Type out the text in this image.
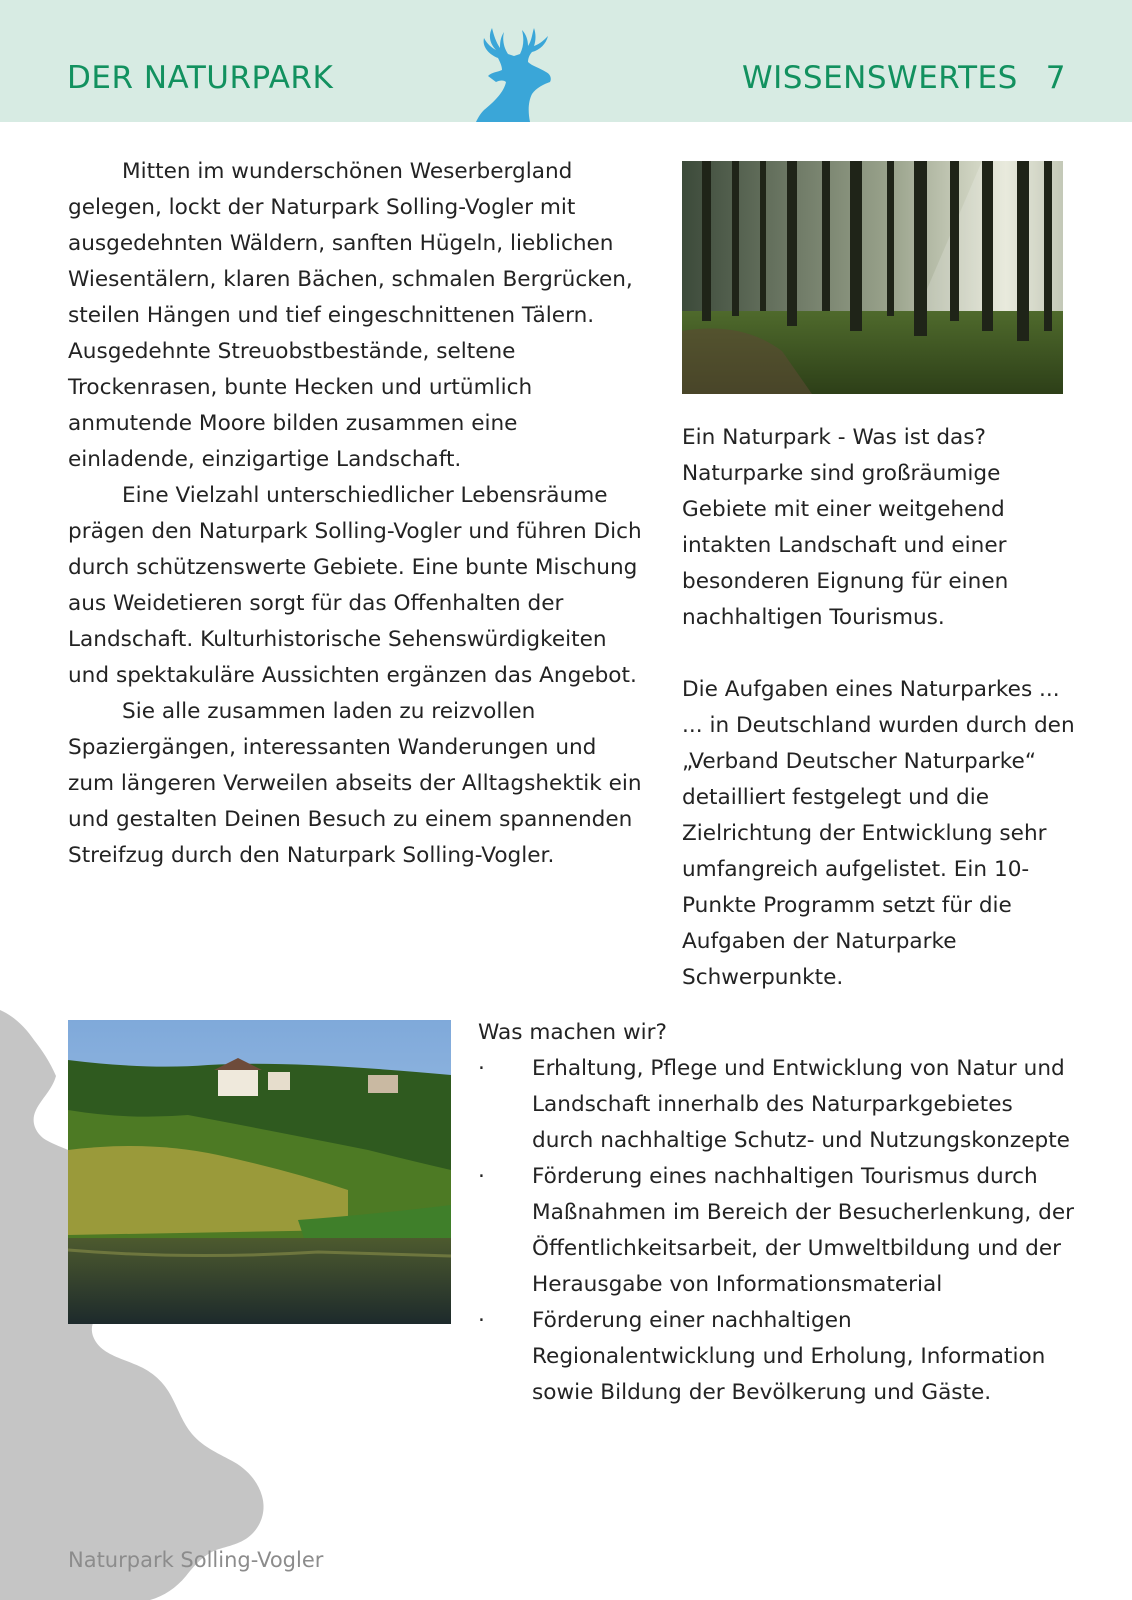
DER NATURPARK	WISSENSWERTES 7

Mitten im wunderschönen Weserbergland gelegen, lockt der Naturpark Solling-Vogler mit ausgedehnten Wäldern, sanften Hügeln, lieblichen Wiesentälern, klaren Bächen, schmalen Bergrücken, steilen Hängen und tief eingeschnittenen Tälern. Ausgedehnte Streuobstbestände, seltene Trockenrasen, bunte Hecken und urtümlich anmutende Moore bilden zusammen eine einladende, einzigartige Landschaft.

Eine Vielzahl unterschiedlicher Lebensräume prägen den Naturpark Solling-Vogler und führen Dich durch schützenswerte Gebiete. Eine bunte Mischung aus Weidetieren sorgt für das Offenhalten der Landschaft. Kulturhistorische Sehenswürdigkeiten und spektakuläre Aussichten ergänzen das Angebot.

Sie alle zusammen laden zu reizvollen Spaziergängen, interessanten Wanderungen und zum längeren Verweilen abseits der Alltagshektik ein und gestalten Deinen Besuch zu einem spannenden Streifzug durch den Naturpark Solling-Vogler.

Ein Naturpark - Was ist das?
Naturparke sind großräumige Gebiete mit einer weitgehend intakten Landschaft und einer besonderen Eignung für einen nachhaltigen Tourismus.
Die Aufgaben eines Naturparkes ...
... in Deutschland wurden durch den „Verband Deutscher Naturparke“ detailliert festgelegt und die Zielrichtung der Entwicklung sehr umfangreich aufgelistet. Ein 10-Punkte Programm setzt für die Aufgaben der Naturparke Schwerpunkte.
Was machen wir?
·	Erhaltung, Pflege und Entwicklung von Natur und Landschaft innerhalb des Naturparkgebietes durch nachhaltige Schutz- und Nutzungskonzepte
·	Förderung eines nachhaltigen Tourismus durch Maßnahmen im Bereich der Besucherlenkung, der Öffentlichkeitsarbeit, der Umweltbildung und der Herausgabe von Informationsmaterial
·	Förderung einer nachhaltigen Regionalentwicklung und Erholung, Information sowie Bildung der Bevölkerung und Gäste.
Naturpark Solling-Vogler
